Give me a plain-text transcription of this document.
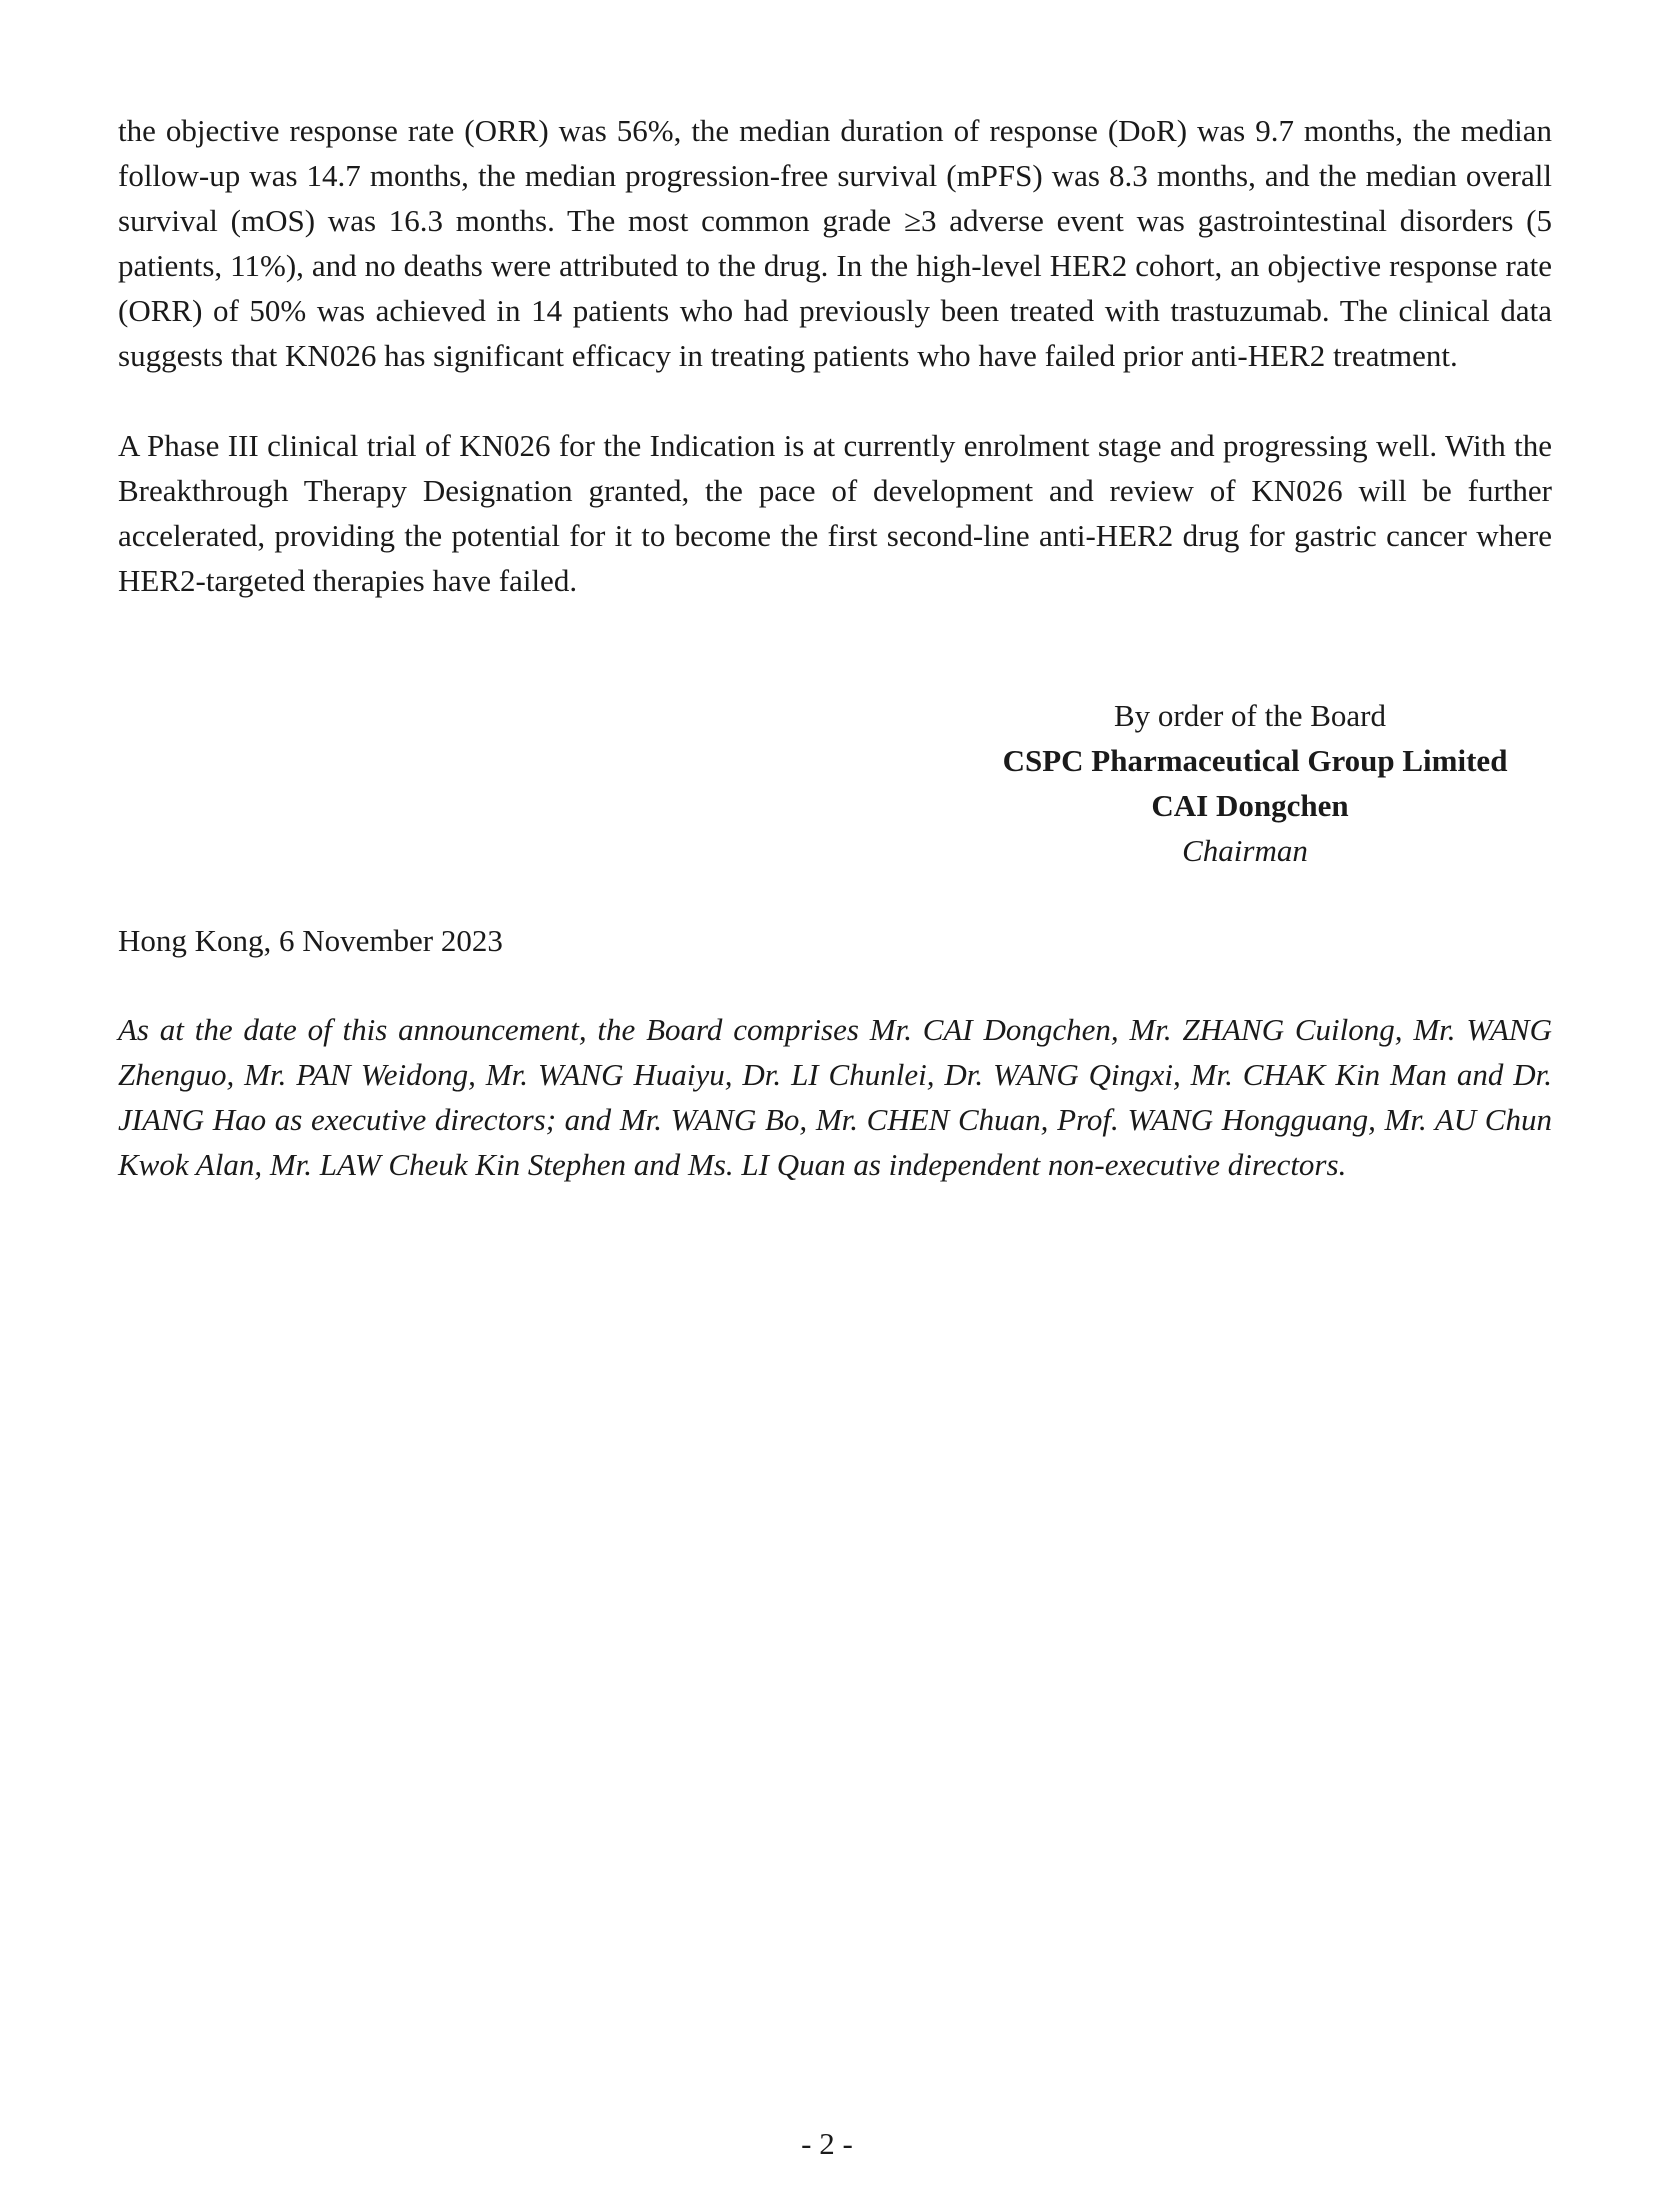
the objective response rate (ORR) was 56%, the median duration of response (DoR) was 9.7 months, the median follow-up was 14.7 months, the median progression-free survival (mPFS) was 8.3 months, and the median overall survival (mOS) was 16.3 months. The most common grade ≥3 adverse event was gastrointestinal disorders (5 patients, 11%), and no deaths were attributed to the drug. In the high-level HER2 cohort, an objective response rate (ORR) of 50% was achieved in 14 patients who had previously been treated with trastuzumab. The clinical data suggests that KN026 has significant efficacy in treating patients who have failed prior anti-HER2 treatment.

A Phase III clinical trial of KN026 for the Indication is at currently enrolment stage and progressing well. With the Breakthrough Therapy Designation granted, the pace of development and review of KN026 will be further accelerated, providing the potential for it to become the first second-line anti-HER2 drug for gastric cancer where HER2-targeted therapies have failed.

By order of the Board
CSPC Pharmaceutical Group Limited
CAI Dongchen
Chairman

Hong Kong, 6 November 2023

As at the date of this announcement, the Board comprises Mr. CAI Dongchen, Mr. ZHANG Cuilong, Mr. WANG Zhenguo, Mr. PAN Weidong, Mr. WANG Huaiyu, Dr. LI Chunlei, Dr. WANG Qingxi, Mr. CHAK Kin Man and Dr. JIANG Hao as executive directors; and Mr. WANG Bo, Mr. CHEN Chuan, Prof. WANG Hongguang, Mr. AU Chun Kwok Alan, Mr. LAW Cheuk Kin Stephen and Ms. LI Quan as independent non-executive directors.

- 2 -
